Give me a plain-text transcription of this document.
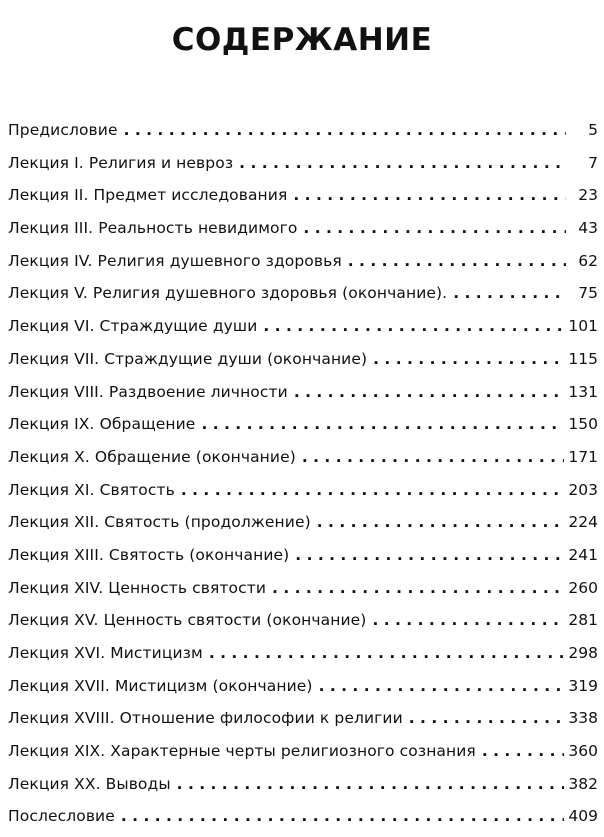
СОДЕРЖАНИЕ
Предисловие . . .	5
Лекция I. Религия и невроз . . .	7
Лекция II. Предмет исследования . . .	23
Лекция III. Реальность невидимого . . .	43
Лекция IV. Религия душевного здоровья . . .	62
Лекция V. Религия душевного здоровья (окончание). . . .	75
Лекция VI. Страждущие души . . .	101
Лекция VII. Страждущие души (окончание) . . .	115
Лекция VIII. Раздвоение личности . . .	131
Лекция IX. Обращение . . .	150
Лекция X. Обращение (окончание) . . .	171
Лекция XI. Святость . . .	203
Лекция XII. Святость (продолжение) . . .	224
Лекция XIII. Святость (окончание) . . .	241
Лекция XIV. Ценность святости . . .	260
Лекция XV. Ценность святости (окончание) . . .	281
Лекция XVI. Мистицизм . . .	298
Лекция XVII. Мистицизм (окончание) . . .	319
Лекция XVIII. Отношение философии к религии . . .	338
Лекция XIX. Характерные черты религиозного сознания . . .	360
Лекция XX. Выводы . . .	382
Послесловие . . .	409
